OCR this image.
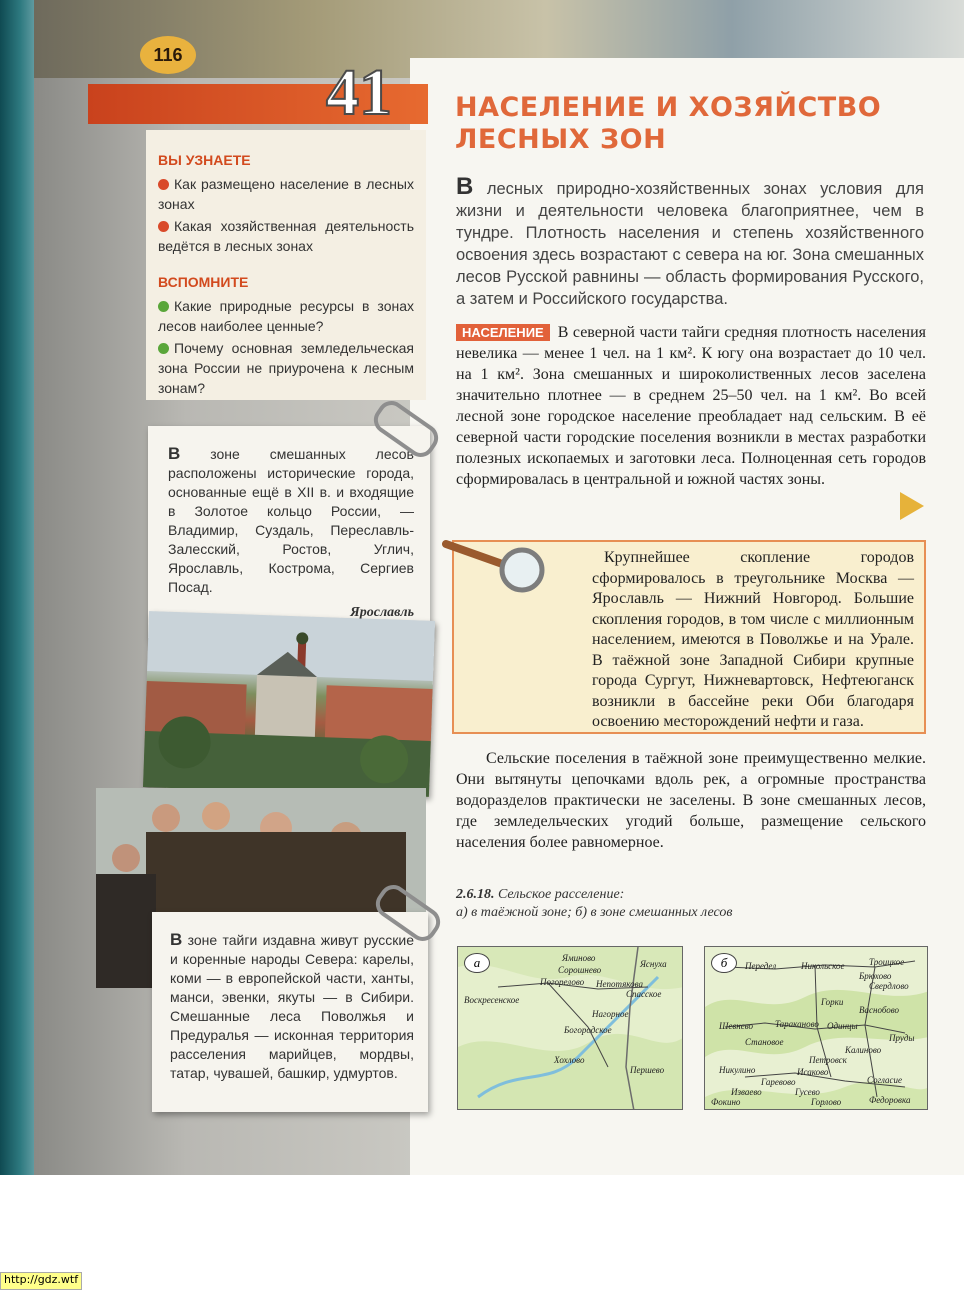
116
41 НАСЕЛЕНИЕ И ХОЗЯЙСТВО ЛЕСНЫХ ЗОН
ВЫ УЗНАЕТЕ
Как размещено население в лесных зонах
Какая хозяйственная деятельность ведётся в лесных зонах
ВСПОМНИТЕ
Какие природные ресурсы в зонах лесов наиболее ценные?
Почему основная земледельческая зона России не приурочена к лесным зонам?
В зоне смешанных лесов расположены исторические города, основанные ещё в XII в. и входящие в Золотое кольцо России, — Владимир, Суздаль, Переславль-Залесский, Ростов, Углич, Ярославль, Кострома, Сергиев Посад.
Ярославль
В зоне тайги издавна живут русские и коренные народы Севера: карелы, коми — в европейской части, ханты, манси, эвенки, якуты — в Сибири. Смешанные леса Поволжья и Предуралья — исконная территория расселения марийцев, мордвы, татар, чувашей, башкир, удмуртов.
В лесных природно-хозяйственных зонах условия для жизни и деятельности человека благоприятнее, чем в тундре. Плотность населения и степень хозяйственного освоения здесь возрастают с севера на юг. Зона смешанных лесов Русской равнины — область формирования Русского, а затем и Российского государства.
НАСЕЛЕНИЕ В северной части тайги средняя плотность населения невелика — менее 1 чел. на 1 км². К югу она возрастает до 10 чел. на 1 км². Зона смешанных и широколиственных лесов заселена значительно плотнее — в среднем 25–50 чел. на 1 км². Во всей лесной зоне городское население преобладает над сельским. В её северной части городские поселения возникли в местах разработки полезных ископаемых и заготовки леса. Полноценная сеть городов сформировалась в центральной и южной частях зоны.
Крупнейшее скопление городов сформировалось в треугольнике Москва — Ярославль — Нижний Новгород. Большие скопления городов, в том числе с миллионным населением, имеются в Поволжье и на Урале. В таёжной зоне Западной Сибири крупные города Сургут, Нижневартовск, Нефтеюганск возникли в бассейне реки Оби благодаря освоению месторождений нефти и газа.
Сельские поселения в таёжной зоне преимущественно мелкие. Они вытянуты цепочками вдоль рек, а огромные пространства водоразделов практически не заселены. В зоне смешанных лесов, где земледельческих угодий больше, размещение сельского населения более равномерное.
2.6.18. Сельское расселение:
а) в таёжной зоне; б) в зоне смешанных лесов
а	Яминово
Яснуха
Сорошнево
Погорелово Непотякова
Воскресенское
Спасское
Нагорное
Богородское
Хохлово
Першево
б	Передел	Никольское	Троицкое
Брюхово
Свердлово
Горки
Васнобово
Шевнево Тараканово Одинцы
Пруды
Становое
Калиново
Петровск
Никулино	Исаково
Согласие
Гаревово
Гусево
Изваево
Фокино	Горлово	Федоровка
http://gdz.wtf
